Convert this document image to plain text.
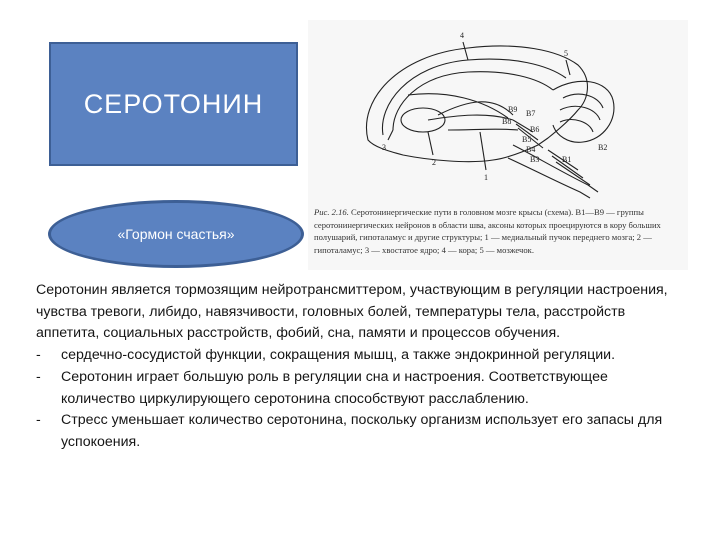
СЕРОТОНИН
«Гормон счастья»
4
5
3
2
1
B9
B8
B7
B6
B5
B4
B3
B2
B1
Рис. 2.16. Серотонинергические пути в головном мозге крысы (схема). B1—B9 — группы серотонинергических нейронов в области шва, аксоны которых проецируются в кору больших полушарий, гипоталамус и другие структуры; 1 — медиальный пучок переднего мозга; 2 — гипоталамус; 3 — хвостатое ядро; 4 — кора; 5 — мозжечок.

Серотонин является тормозящим нейротрансмиттером, участвующим в регуляции настроения, чувства тревоги, либидо, навязчивости, головных болей, температуры тела, расстройств аппетита, социальных расстройств, фобий, сна, памяти и процессов обучения.

-	сердечно-сосудистой функции, сокращения мышц, а также эндокринной регуляции.
-	Серотонин играет большую роль в регуляции сна и настроения. Соответствующее количество циркулирующего серотонина способствуют расслаблению.
-	Стресс уменьшает количество серотонина, поскольку организм использует его запасы для успокоения.
